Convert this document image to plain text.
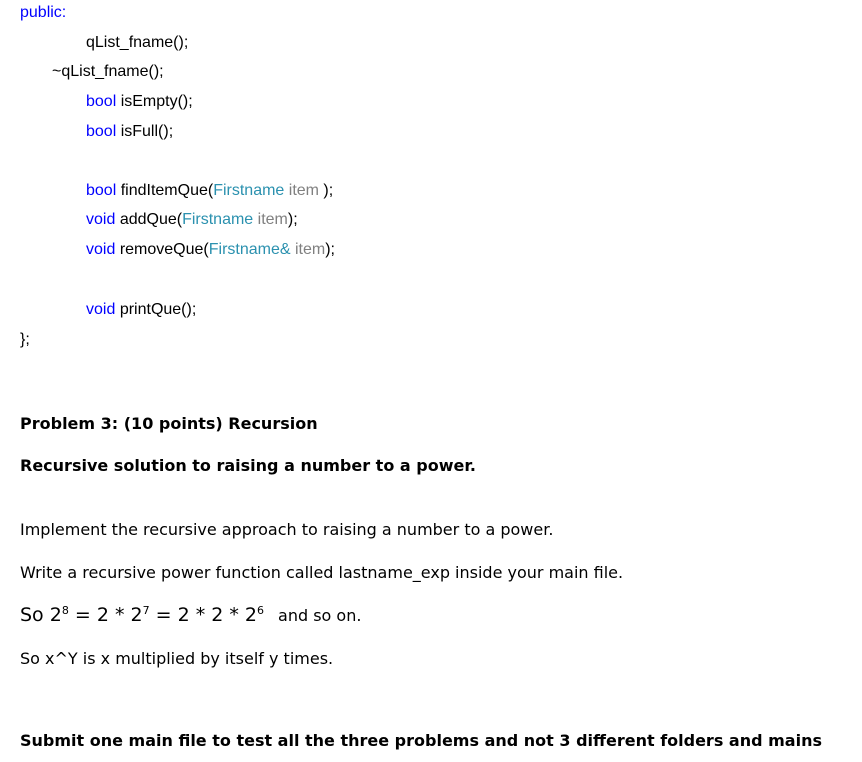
public:
qList_fname();
~qList_fname();
bool isEmpty();
bool isFull();
bool findItemQue(Firstname item );
void addQue(Firstname item);
void removeQue(Firstname& item);
void printQue();
};
Problem 3: (10 points) Recursion
Recursive solution to raising a number to a power.
Implement the recursive approach to raising a number to a power.
Write a recursive power function called lastname_exp inside your main file.
So $2^8 = 2 * 2^7 = 2 * 2 * 2^6$ and so on.
So x^Y is x multiplied by itself y times.
Submit one main file to test all the three problems and not 3 different folders and mains
